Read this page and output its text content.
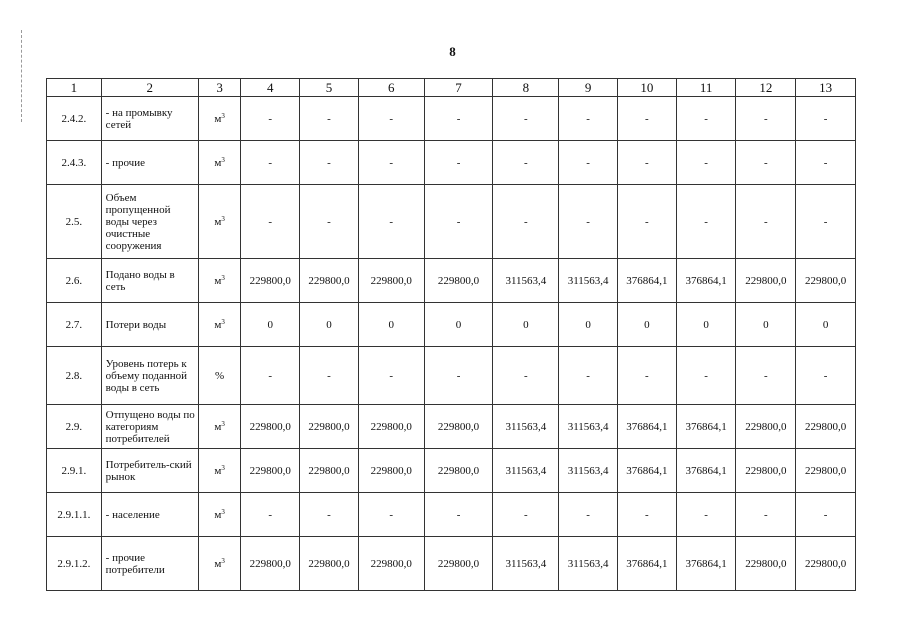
8
1	2	3	4	5	6	7	8	9	10	11	12	13
2.4.2.	- на промывку сетей	$м^3$	-	-	-	-	-	-	-	-	-	-
2.4.3.	- прочие	$м^3$	-	-	-	-	-	-	-	-	-	-
2.5.	Объем пропущенной воды через очистные сооружения	$м^3$	-	-	-	-	-	-	-	-	-	-
2.6.	Подано воды в сеть	$м^3$	229800,0	229800,0	229800,0	229800,0	311563,4	311563,4	376864,1	376864,1	229800,0	229800,0
2.7.	Потери воды	$м^3$	0	0	0	0	0	0	0	0	0	0
2.8.	Уровень потерь к объему поданной воды в сеть	%	-	-	-	-	-	-	-	-	-	-
2.9.	Отпущено воды по категориям потребителей	$м^3$	229800,0	229800,0	229800,0	229800,0	311563,4	311563,4	376864,1	376864,1	229800,0	229800,0
2.9.1.	Потребитель-ский рынок	$м^3$	229800,0	229800,0	229800,0	229800,0	311563,4	311563,4	376864,1	376864,1	229800,0	229800,0
2.9.1.1.	- население	$м^3$	-	-	-	-	-	-	-	-	-	-
2.9.1.2.	- прочие потребители	$м^3$	229800,0	229800,0	229800,0	229800,0	311563,4	311563,4	376864,1	376864,1	229800,0	229800,0
